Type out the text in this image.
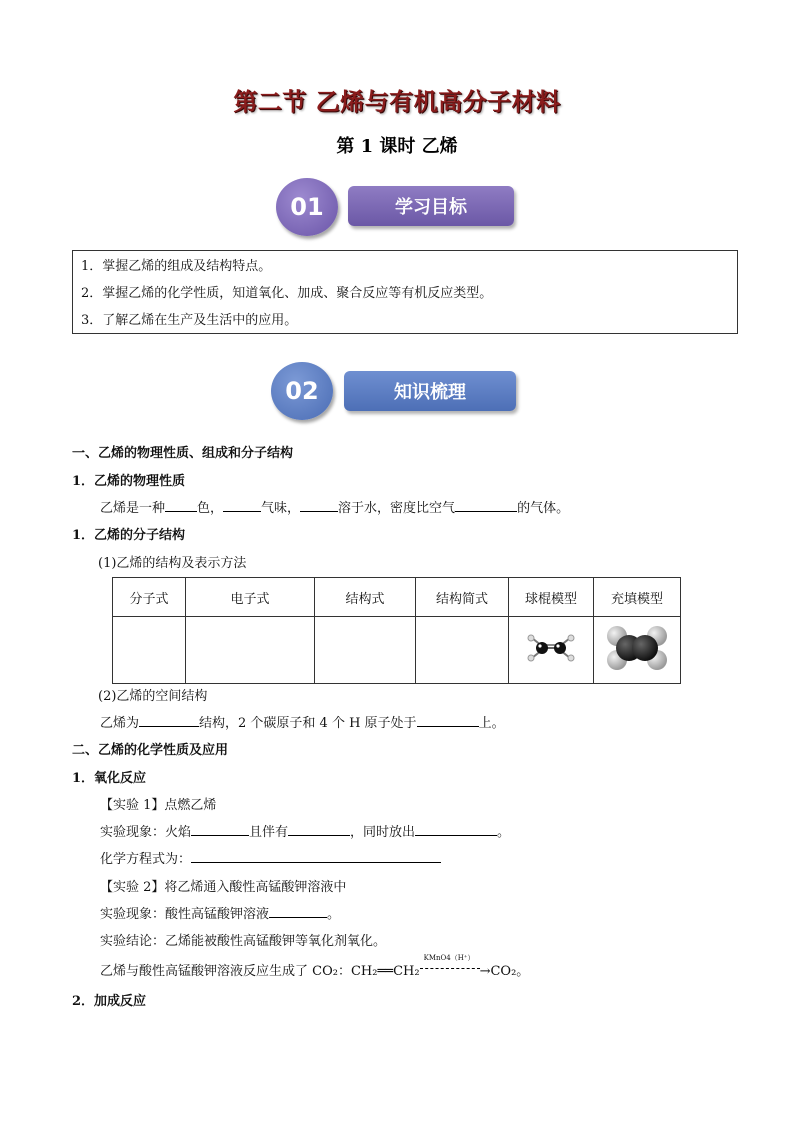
第二节 乙烯与有机高分子材料
第 1 课时 乙烯
01	学习目标
1．掌握乙烯的组成及结构特点。
2．掌握乙烯的化学性质，知道氧化、加成、聚合反应等有机反应类型。
3．了解乙烯在生产及生活中的应用。
02	知识梳理
一、乙烯的物理性质、组成和分子结构
1．乙烯的物理性质
乙烯是一种 色，	气味，	溶于水，密度比空气	的气体。
1．乙烯的分子结构
(1)乙烯的结构及表示方法
分子式	电子式	结构式	结构简式	球棍模型	充填模型

(2)乙烯的空间结构
乙烯为	结构，2 个碳原子和 4 个 H 原子处于	上。
二、乙烯的化学性质及应用
1．氧化反应
【实验 1】点燃乙烯
实验现象：火焰	且伴有	，同时放出	。
化学方程式为：
【实验 2】将乙烯通入酸性高锰酸钾溶液中
实验现象：酸性高锰酸钾溶液	。
实验结论：乙烯能被酸性高锰酸钾等氧化剂氧化。
乙烯与酸性高锰酸钾溶液反应生成了 CO₂：CH₂══CH₂
KMnO4（H⁺）
→CO₂。
2．加成反应
